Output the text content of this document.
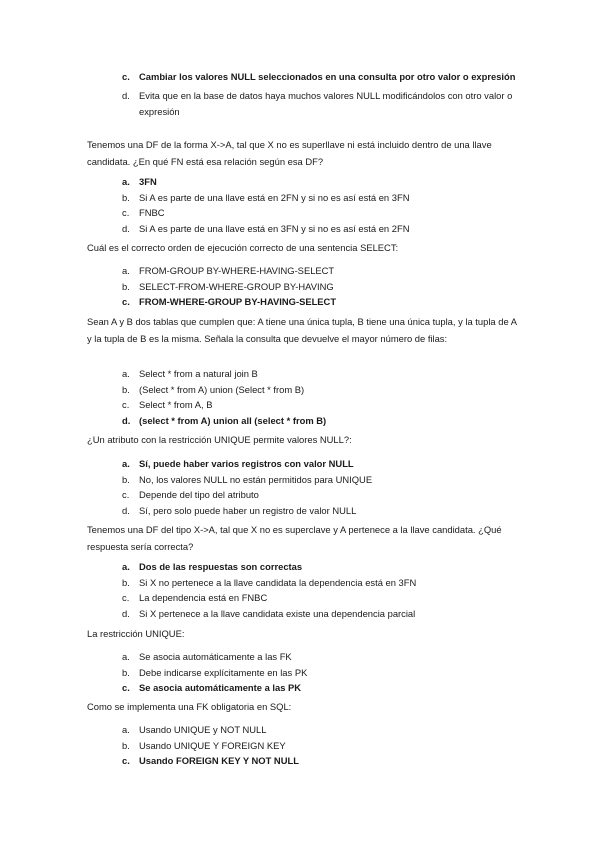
c. Cambiar los valores NULL seleccionados en una consulta por otro valor o expresión
d. Evita que en la base de datos haya muchos valores NULL modificándolos con otro valor o expresión
Tenemos una DF de la forma X->A, tal que X no es superllave ni está incluido dentro de una llave candidata. ¿En qué FN está esa relación según esa DF?
a. 3FN
b. Si A es parte de una llave está en 2FN y si no es así está en 3FN
c.	FNBC
d. Si A es parte de una llave está en 3FN y si no es así está en 2FN
Cuál es el correcto orden de ejecución correcto de una sentencia SELECT:
a. FROM-GROUP BY-WHERE-HAVING-SELECT
b. SELECT-FROM-WHERE-GROUP BY-HAVING
c. FROM-WHERE-GROUP BY-HAVING-SELECT
Sean A y B dos tablas que cumplen que: A tiene una única tupla, B tiene una única tupla, y la tupla de A y la tupla de B es la misma. Señala la consulta que devuelve el mayor número de filas:
a. Select * from a natural join B
b. (Select * from A) union (Select * from B)
c.	Select * from A, B
d. (select * from A) union all (select * from B)
¿Un atributo con la restricción UNIQUE permite valores NULL?:
a. Sí, puede haber varios registros con valor NULL
b. No, los valores NULL no están permitidos para UNIQUE
c.	Depende del tipo del atributo
d. Sí, pero solo puede haber un registro de valor NULL
Tenemos una DF del tipo X->A, tal que X no es superclave y A pertenece a la llave candidata. ¿Qué respuesta sería correcta?
a. Dos de las respuestas son correctas
b. Si X no pertenece a la llave candidata la dependencia está en 3FN
c.	La dependencia está en FNBC
d. Si X pertenece a la llave candidata existe una dependencia parcial
La restricción UNIQUE:
a. Se asocia automáticamente a las FK
b. Debe indicarse explícitamente en las PK
c. Se asocia automáticamente a las PK
Como se implementa una FK obligatoria en SQL:
a. Usando UNIQUE y NOT NULL
b. Usando UNIQUE Y FOREIGN KEY
c. Usando FOREIGN KEY Y NOT NULL
